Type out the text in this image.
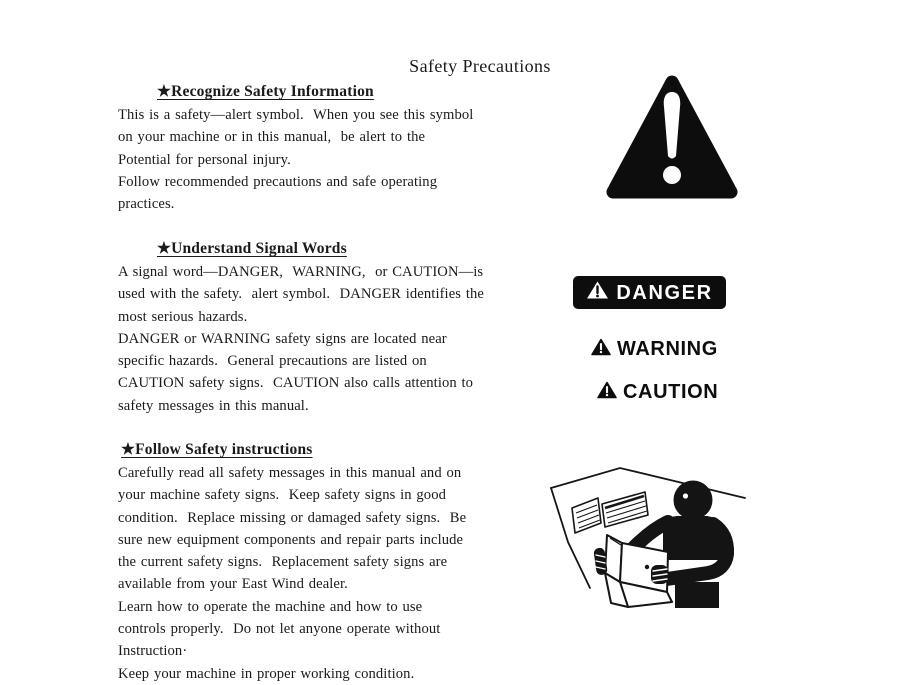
Safety Precautions
★Recognize Safety Information
This is a safety—alert symbol.  When you see this symbol
on your machine or in this manual,  be alert to the
Potential for personal injury.
Follow recommended precautions and safe operating
practices.
★Understand Signal Words
A signal word—DANGER,  WARNING,  or CAUTION—is
used with the safety.  alert symbol.  DANGER identifies the
most serious hazards.
DANGER or WARNING safety signs are located near
specific hazards.  General precautions are listed on
CAUTION safety signs.  CAUTION also calls attention to
safety messages in this manual.
★Follow Safety instructions
Carefully read all safety messages in this manual and on
your machine safety signs.  Keep safety signs in good
condition.  Replace missing or damaged safety signs.  Be
sure new equipment components and repair parts include
the current safety signs.  Replacement safety signs are
available from your East Wind dealer.
Learn how to operate the machine and how to use
controls properly.  Do not let anyone operate without
Instruction·
Keep your machine in proper working condition.
DANGER
WARNING
CAUTION
